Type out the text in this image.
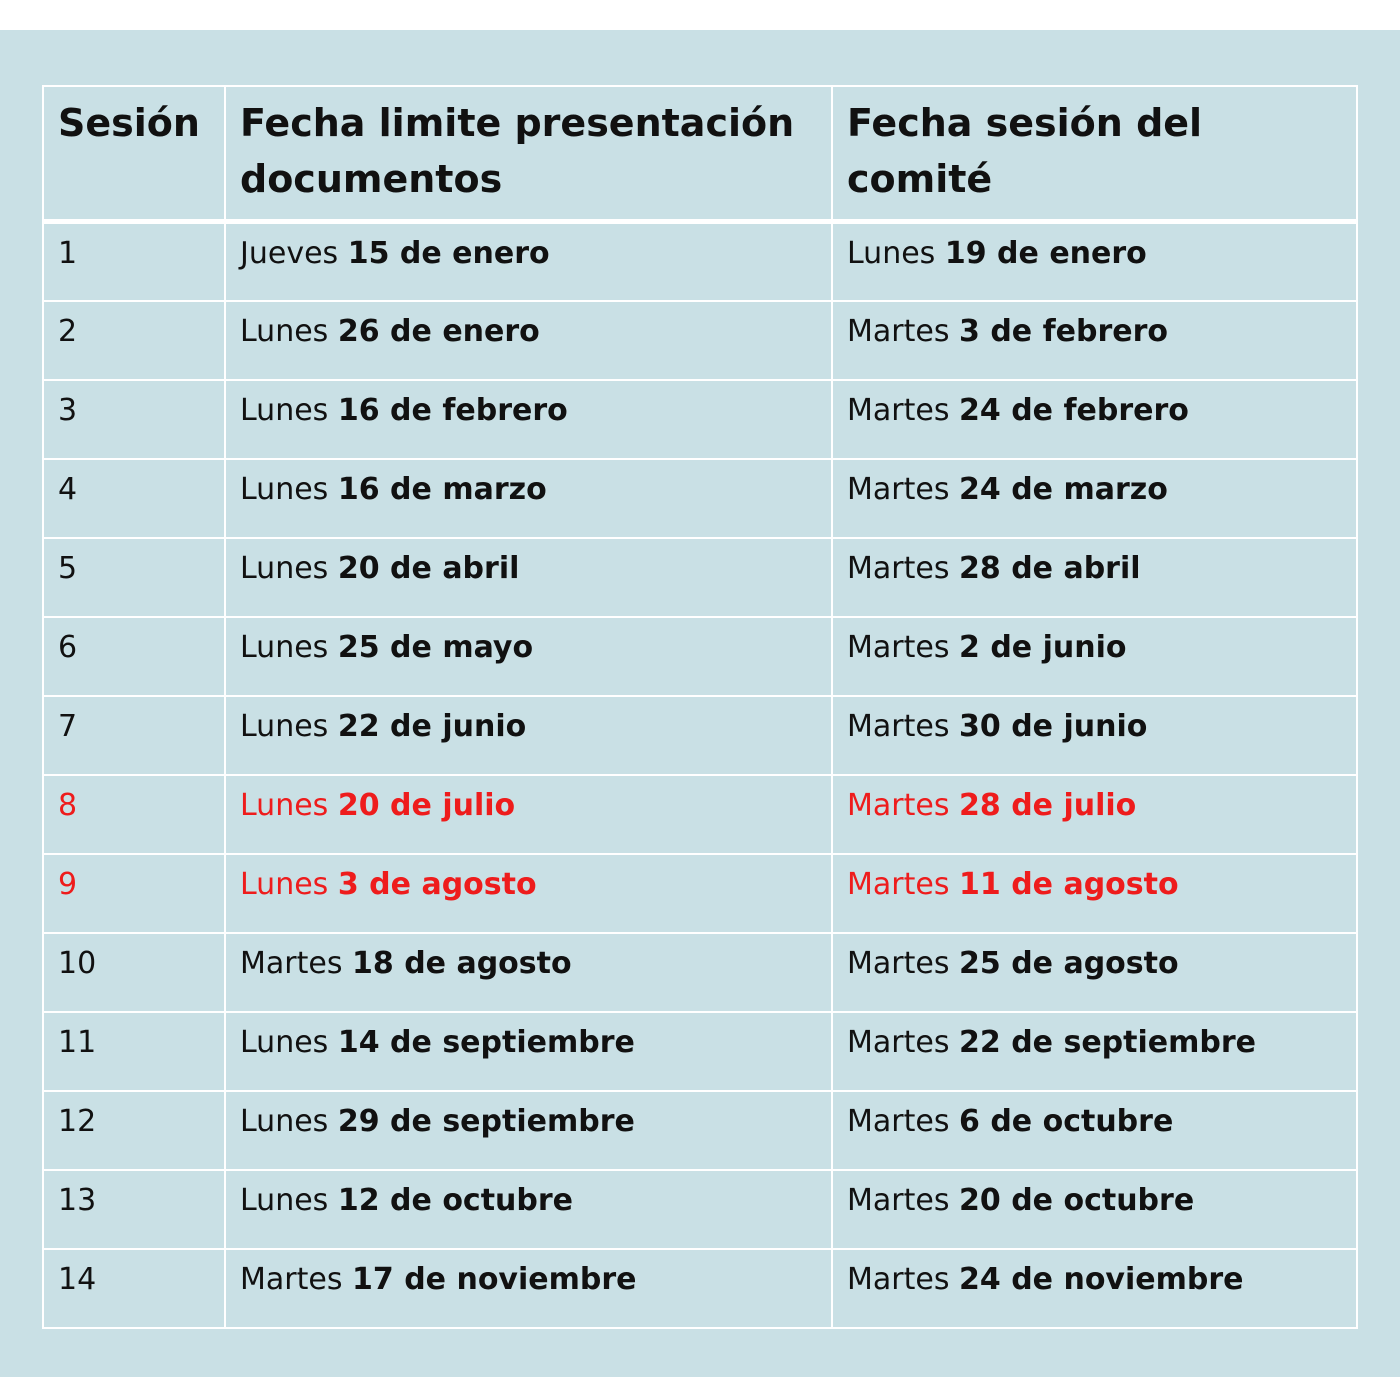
Sesión	Fecha limite presentación documentos	Fecha sesión del comité
1	Jueves 15 de enero	Lunes 19 de enero
2	Lunes 26 de enero	Martes 3 de febrero
3	Lunes 16 de febrero	Martes 24 de febrero
4	Lunes 16 de marzo	Martes 24 de marzo
5	Lunes 20 de abril	Martes 28 de abril
6	Lunes 25 de mayo	Martes 2 de junio
7	Lunes 22 de junio	Martes 30 de junio
8	Lunes 20 de julio	Martes 28 de julio
9	Lunes 3 de agosto	Martes 11 de agosto
10	Martes 18 de agosto	Martes 25 de agosto
11	Lunes 14 de septiembre	Martes 22 de septiembre
12	Lunes 29 de septiembre	Martes 6 de octubre
13	Lunes 12 de octubre	Martes 20 de octubre
14	Martes 17 de noviembre	Martes 24 de noviembre
